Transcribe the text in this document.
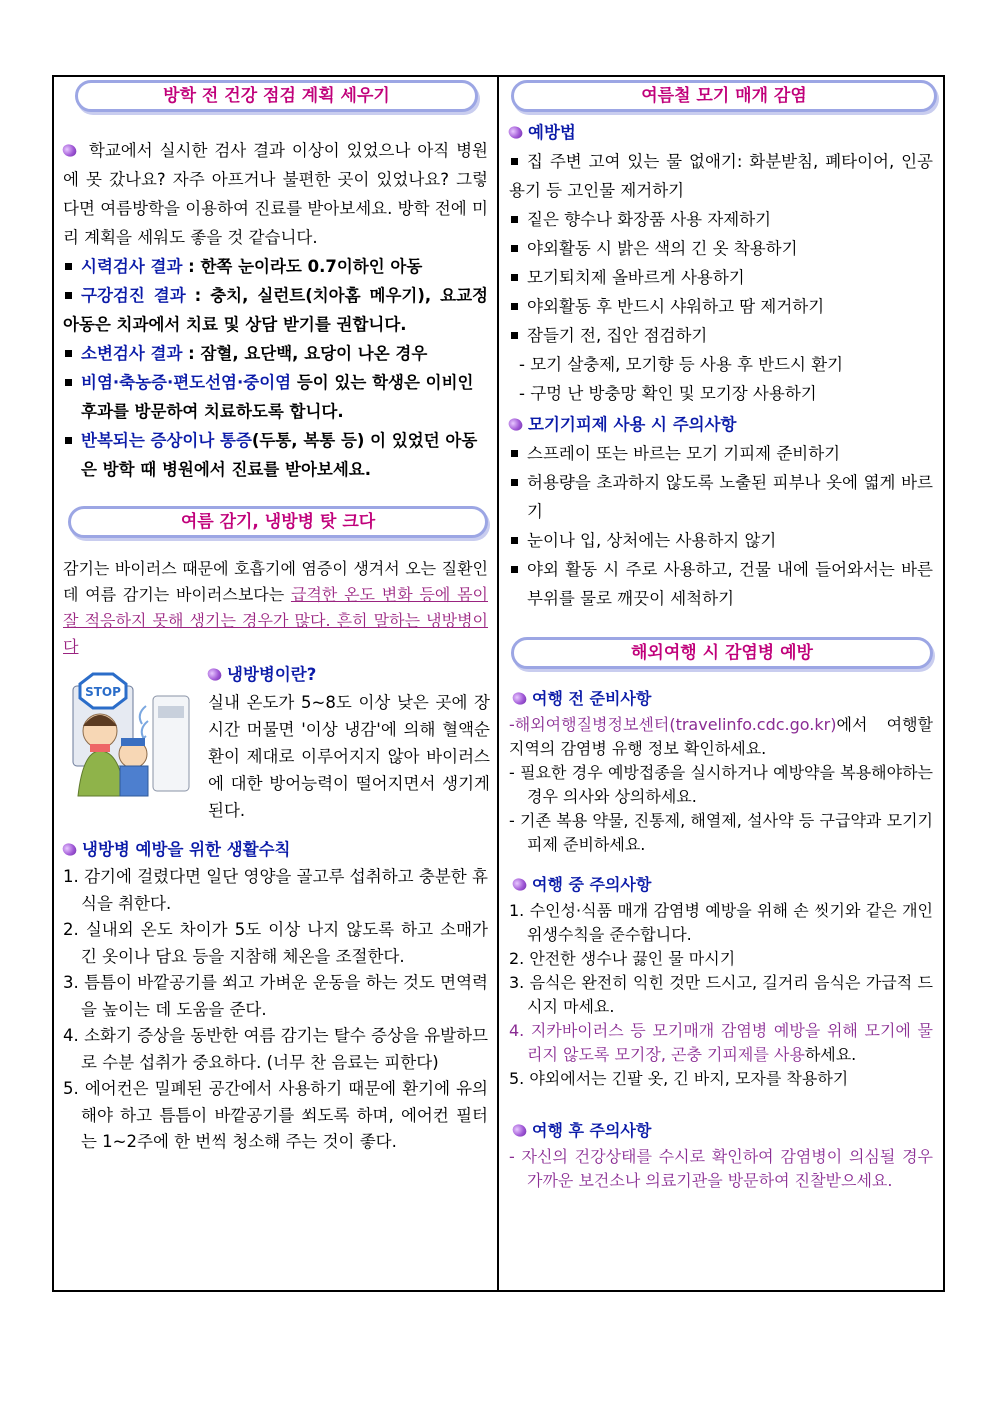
방학 전 건강 점검 계획 세우기

학교에서 실시한 검사 결과 이상이 있었으나 아직 병원에 못 갔나요? 자주 아프거나 불편한 곳이 있었나요? 그렇다면 여름방학을 이용하여 진료를 받아보세요. 방학 전에 미리 계획을 세워도 좋을 것 같습니다.

시력검사 결과 : 한쪽 눈이라도 0.7이하인 아동

구강검진 결과 : 충치, 실런트(치아홈 메우기), 요교정 아동은 치과에서 치료 및 상담 받기를 권합니다.

소변검사 결과 : 잠혈, 요단백, 요당이 나온 경우

비염·축농증·편도선염·중이염 등이 있는 학생은 이비인후과를 방문하여 치료하도록 합니다.

반복되는 증상이나 통증(두통, 복통 등) 이 있었던 아동은 방학 때 병원에서 진료를 받아보세요.

여름 감기, 냉방병 탓 크다

감기는 바이러스 때문에 호흡기에 염증이 생겨서 오는 질환인데 여름 감기는 바이러스보다는 급격한 온도 변화 등에 몸이 잘 적응하지 못해 생기는 경우가 많다. 흔히 말하는 냉방병이다

STOP

냉방병이란?

실내 온도가 5~8도 이상 낮은 곳에 장시간 머물면 '이상 냉감'에 의해 혈액순환이 제대로 이루어지지 않아 바이러스에 대한 방어능력이 떨어지면서 생기게 된다.

냉방병 예방을 위한 생활수칙

1. 감기에 걸렸다면 일단 영양을 골고루 섭취하고 충분한 휴식을 취한다.

2. 실내외 온도 차이가 5도 이상 나지 않도록 하고 소매가 긴 옷이나 담요 등을 지참해 체온을 조절한다.

3. 틈틈이 바깥공기를 쐬고 가벼운 운동을 하는 것도 면역력을 높이는 데 도움을 준다.

4. 소화기 증상을 동반한 여름 감기는 탈수 증상을 유발하므로 수분 섭취가 중요하다. (너무 찬 음료는 피한다)

5. 에어컨은 밀폐된 공간에서 사용하기 때문에 환기에 유의해야 하고 틈틈이 바깥공기를 쐬도록 하며, 에어컨 필터는 1~2주에 한 번씩 청소해 주는 것이 좋다.

여름철 모기 매개 감염

예방법

집 주변 고여 있는 물 없애기: 화분받침, 폐타이어, 인공용기 등 고인물 제거하기

짙은 향수나 화장품 사용 자제하기

야외활동 시 밝은 색의 긴 옷 착용하기

모기퇴치제 올바르게 사용하기

야외활동 후 반드시 샤워하고 땀 제거하기

잠들기 전, 집안 점검하기

- 모기 살충제, 모기향 등 사용 후 반드시 환기

- 구멍 난 방충망 확인 및 모기장 사용하기

모기기피제 사용 시 주의사항

스프레이 또는 바르는 모기 기피제 준비하기

허용량을 초과하지 않도록 노출된 피부나 옷에 엷게 바르기

눈이나 입, 상처에는 사용하지 않기

야외 활동 시 주로 사용하고, 건물 내에 들어와서는 바른 부위를 물로 깨끗이 세척하기

해외여행 시 감염병 예방

여행 전 준비사항

-해외여행질병정보센터(travelinfo.cdc.go.kr)에서 여행할 지역의 감염병 유행 정보 확인하세요.

- 필요한 경우 예방접종을 실시하거나 예방약을 복용해야하는 경우 의사와 상의하세요.

- 기존 복용 약물, 진통제, 해열제, 설사약 등 구급약과 모기기피제 준비하세요.

여행 중 주의사항

1. 수인성·식품 매개 감염병 예방을 위해 손 씻기와 같은 개인위생수칙을 준수합니다.

2. 안전한 생수나 끓인 물 마시기

3. 음식은 완전히 익힌 것만 드시고, 길거리 음식은 가급적 드시지 마세요.

4. 지카바이러스 등 모기매개 감염병 예방을 위해 모기에 물리지 않도록 모기장, 곤충 기피제를 사용하세요.

5. 야외에서는 긴팔 옷, 긴 바지, 모자를 착용하기

여행 후 주의사항

- 자신의 건강상태를 수시로 확인하여 감염병이 의심될 경우 가까운 보건소나 의료기관을 방문하여 진찰받으세요.
